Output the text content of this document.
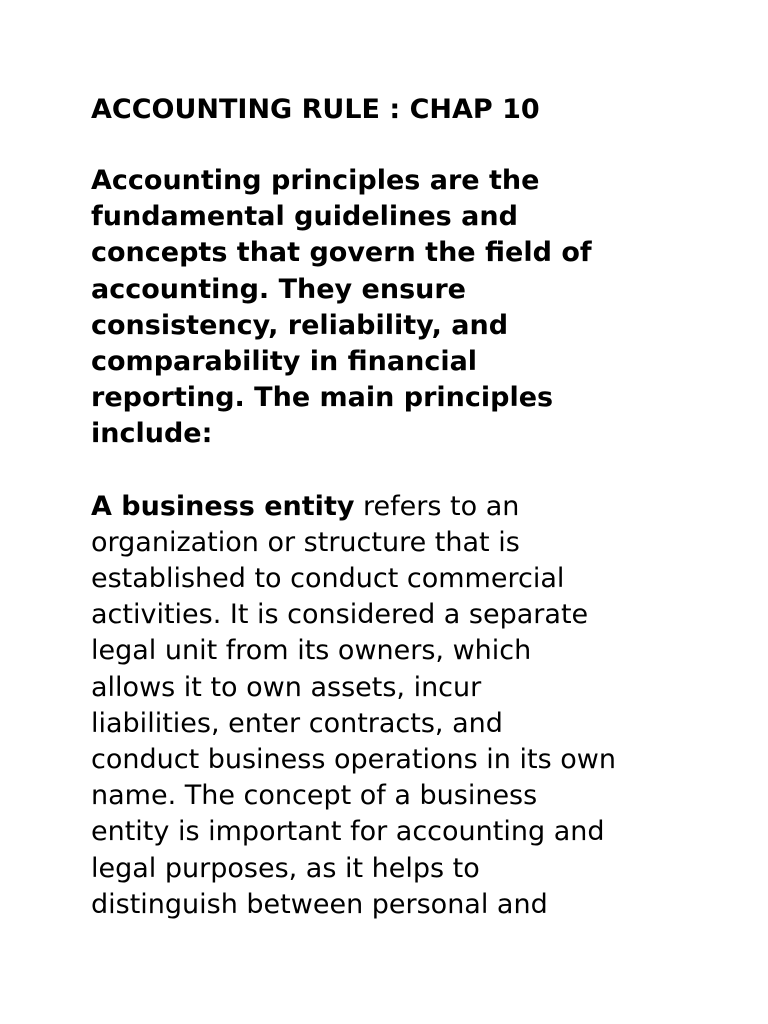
ACCOUNTING RULE : CHAP 10

Accounting principles are the
fundamental guidelines and
concepts that govern the field of
accounting. They ensure
consistency, reliability, and
comparability in financial
reporting. The main principles
include:

A business entity refers to an
organization or structure that is
established to conduct commercial
activities. It is considered a separate
legal unit from its owners, which
allows it to own assets, incur
liabilities, enter contracts, and
conduct business operations in its own
name. The concept of a business
entity is important for accounting and
legal purposes, as it helps to
distinguish between personal and
